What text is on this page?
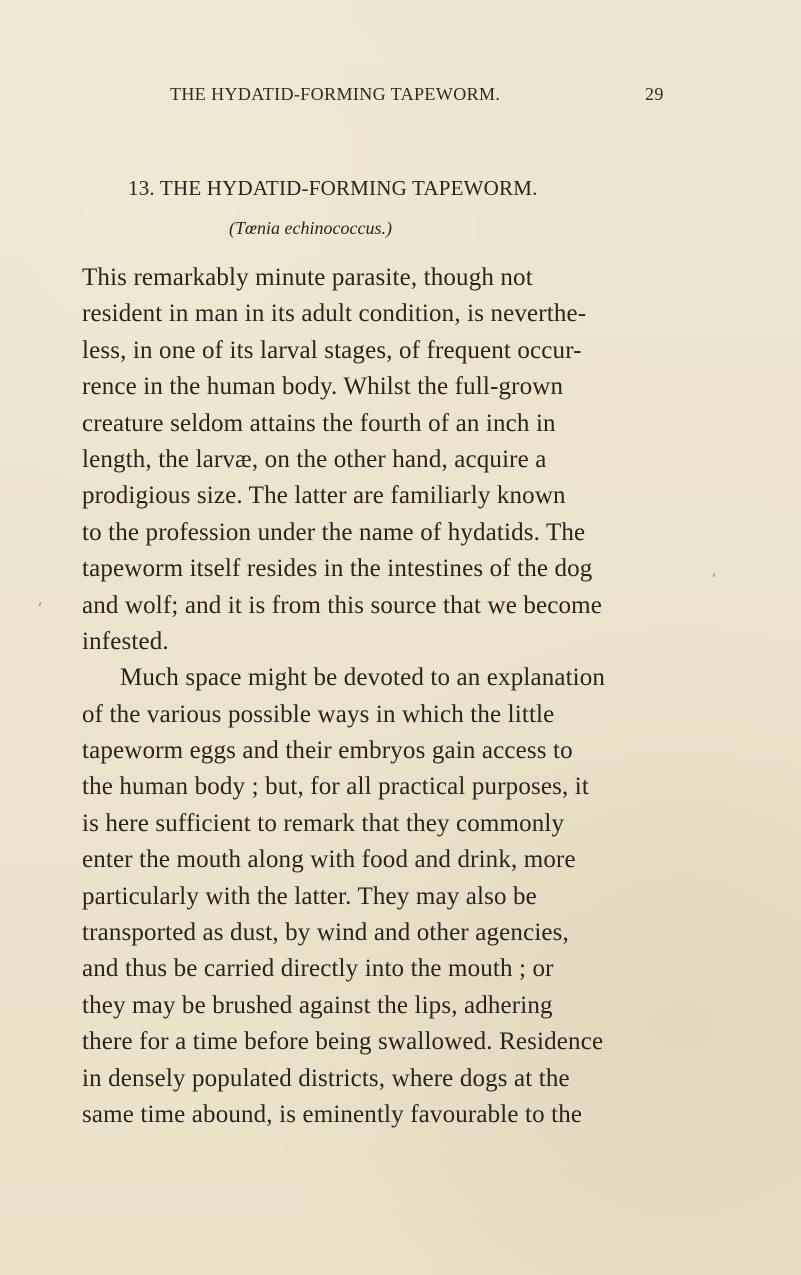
THE HYDATID-FORMING TAPEWORM.	29
13. THE HYDATID-FORMING TAPEWORM.
(Tœnia echinococcus.)
This remarkably minute parasite, though not
resident in man in its adult condition, is neverthe-
less, in one of its larval stages, of frequent occur-
rence in the human body. Whilst the full-grown
creature seldom attains the fourth of an inch in
length, the larvæ, on the other hand, acquire a
prodigious size. The latter are familiarly known
to the profession under the name of hydatids. The
tapeworm itself resides in the intestines of the dog
and wolf; and it is from this source that we become
infested.
Much space might be devoted to an explanation
of the various possible ways in which the little
tapeworm eggs and their embryos gain access to
the human body ; but, for all practical purposes, it
is here sufficient to remark that they commonly
enter the mouth along with food and drink, more
particularly with the latter. They may also be
transported as dust, by wind and other agencies,
and thus be carried directly into the mouth ; or
they may be brushed against the lips, adhering
there for a time before being swallowed. Residence
in densely populated districts, where dogs at the
same time abound, is eminently favourable to the
,
,
